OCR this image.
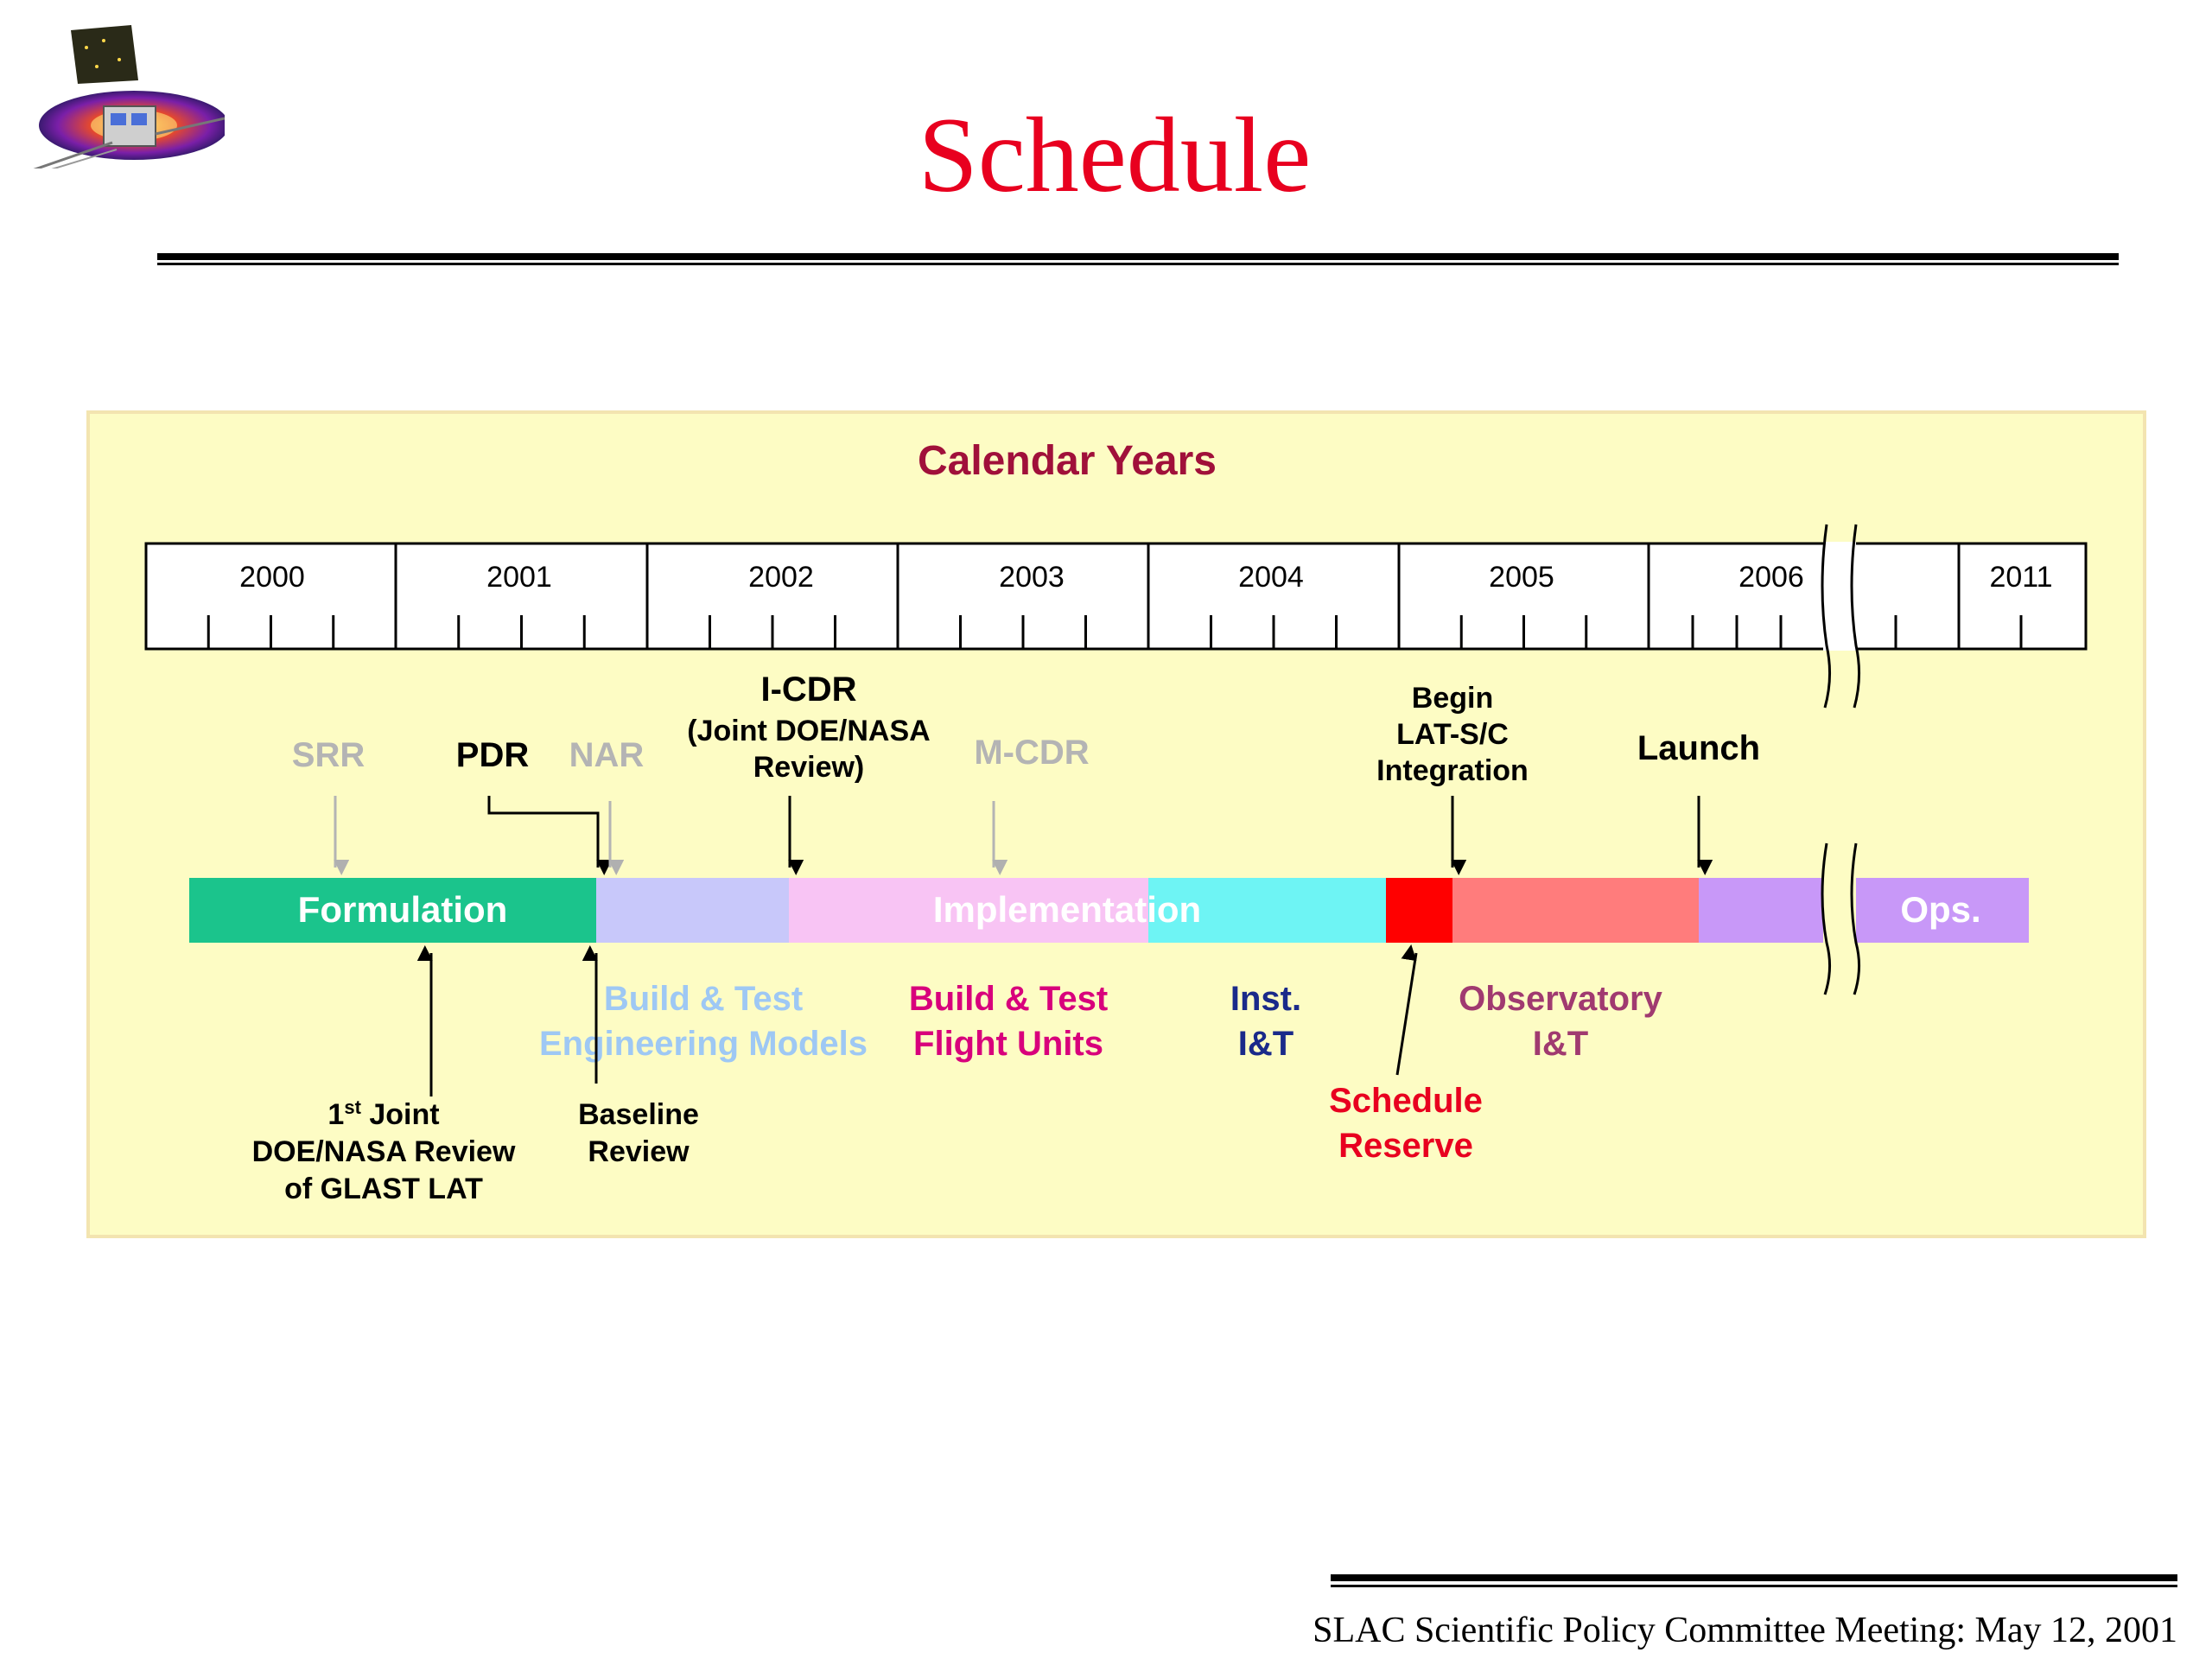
Schedule
Calendar Years
2000	2001	2002	2003	2004	2005	2006	2011
Formulation	Implementation	Ops.
SRR	PDR NAR
I-CDR
(Joint DOE/NASA
Review)	M-CDR
Begin
LAT-S/C
Integration
Launch
Build & Test
Engineering Models
Build & Test
Flight Units
Inst.
I&T
Observatory
I&T
Schedule
Reserve
1st Joint
DOE/NASA Review
of GLAST LAT
Baseline
Review
SLAC Scientific Policy Committee Meeting: May 12, 2001
